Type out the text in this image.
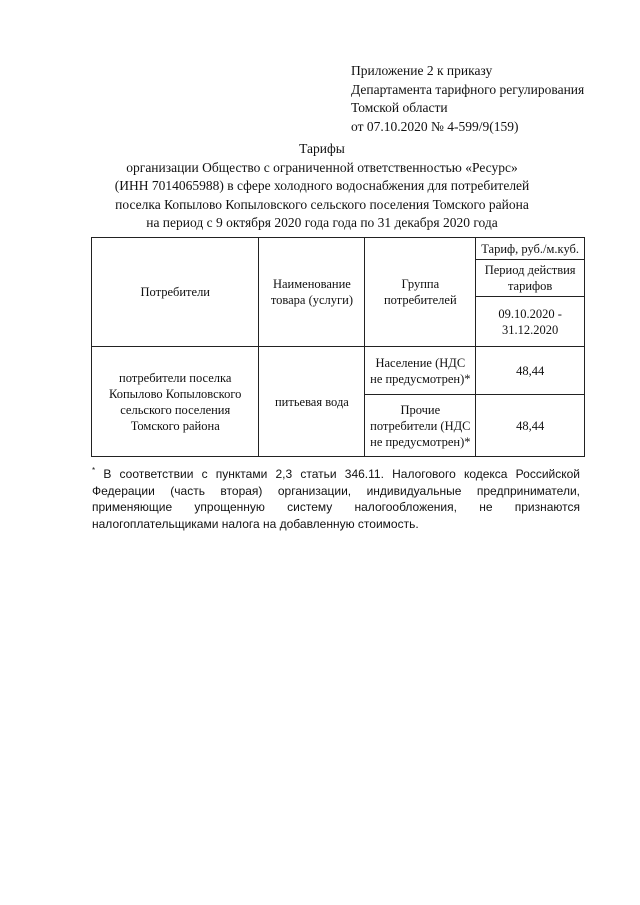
Приложение 2 к приказу
Департамента тарифного регулирования
Томской области
от 07.10.2020 № 4-599/9(159)
Тарифы
организации Общество с ограниченной ответственностью «Ресурс»
(ИНН 7014065988) в сфере холодного водоснабжения для потребителей
поселка Копылово Копыловского сельского поселения Томского района
на период с 9 октября 2020 года года по 31 декабря 2020 года
Потребители	Наименование товара (услуги)	Группа потребителей	Тариф, руб./м.куб.
			Период действия тарифов
			09.10.2020 - 31.12.2020
потребители поселка Копылово Копыловского сельского поселения Томского района	питьевая вода	Население (НДС не предусмотрен)*	48,44
		Прочие потребители (НДС не предусмотрен)*	48,44
* В соответствии с пунктами 2,3 статьи 346.11. Налогового кодекса Российской Федерации (часть вторая) организации, индивидуальные предприниматели, применяющие упрощенную систему налогообложения, не признаются налогоплательщиками налога на добавленную стоимость.
